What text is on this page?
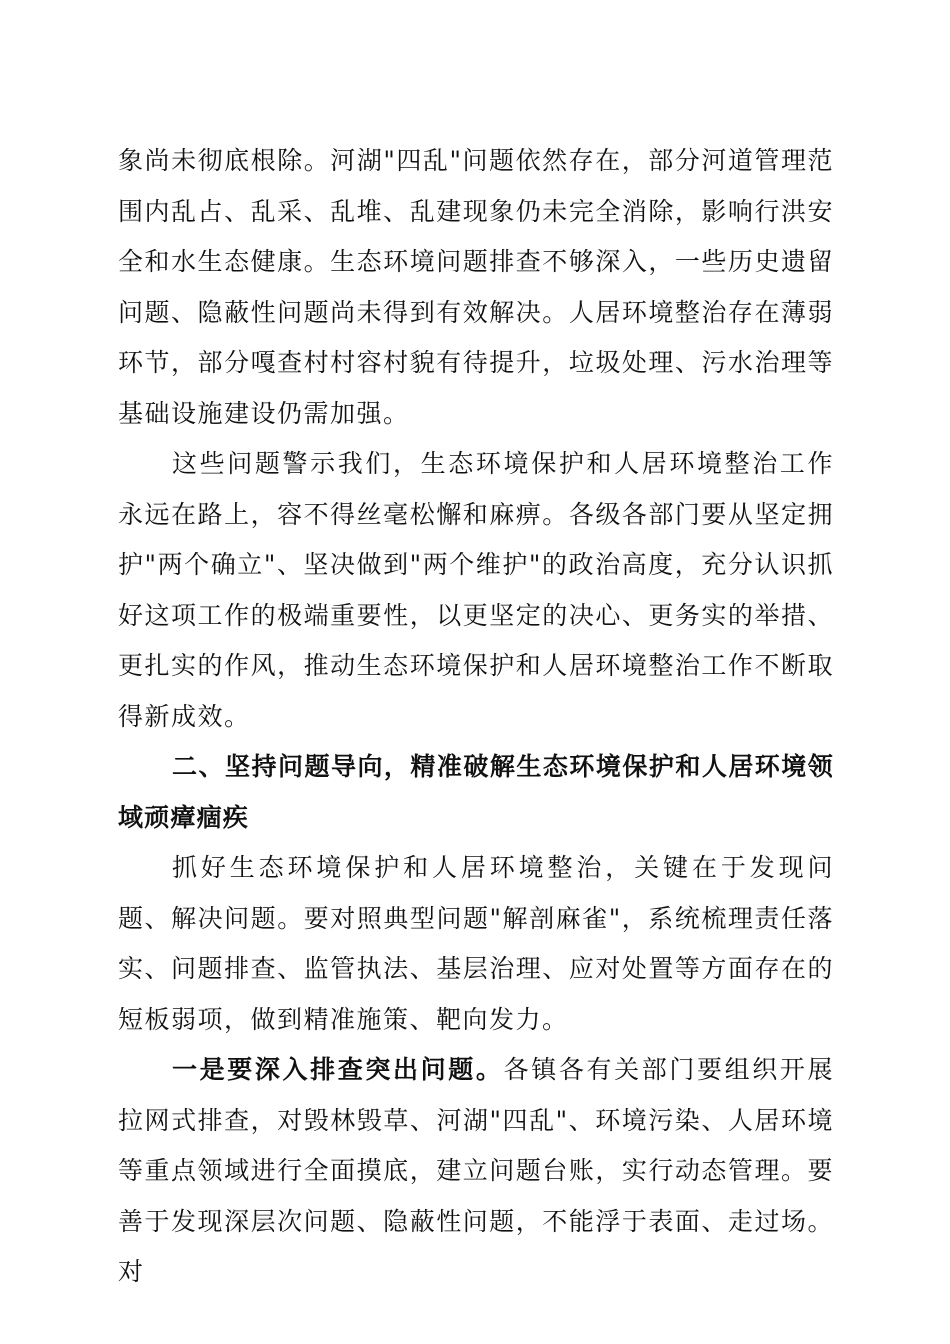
象尚未彻底根除。河湖"四乱"问题依然存在，部分河道管理范围内乱占、乱采、乱堆、乱建现象仍未完全消除，影响行洪安全和水生态健康。生态环境问题排查不够深入，一些历史遗留问题、隐蔽性问题尚未得到有效解决。人居环境整治存在薄弱环节，部分嘎查村村容村貌有待提升，垃圾处理、污水治理等基础设施建设仍需加强。

这些问题警示我们，生态环境保护和人居环境整治工作永远在路上，容不得丝毫松懈和麻痹。各级各部门要从坚定拥护"两个确立"、坚决做到"两个维护"的政治高度，充分认识抓好这项工作的极端重要性，以更坚定的决心、更务实的举措、更扎实的作风，推动生态环境保护和人居环境整治工作不断取得新成效。

二、坚持问题导向，精准破解生态环境保护和人居环境领域顽瘴痼疾

抓好生态环境保护和人居环境整治，关键在于发现问题、解决问题。要对照典型问题"解剖麻雀"，系统梳理责任落实、问题排查、监管执法、基层治理、应对处置等方面存在的短板弱项，做到精准施策、靶向发力。

一是要深入排查突出问题。各镇各有关部门要组织开展拉网式排查，对毁林毁草、河湖"四乱"、环境污染、人居环境等重点领域进行全面摸底，建立问题台账，实行动态管理。要善于发现深层次问题、隐蔽性问题，不能浮于表面、走过场。对
